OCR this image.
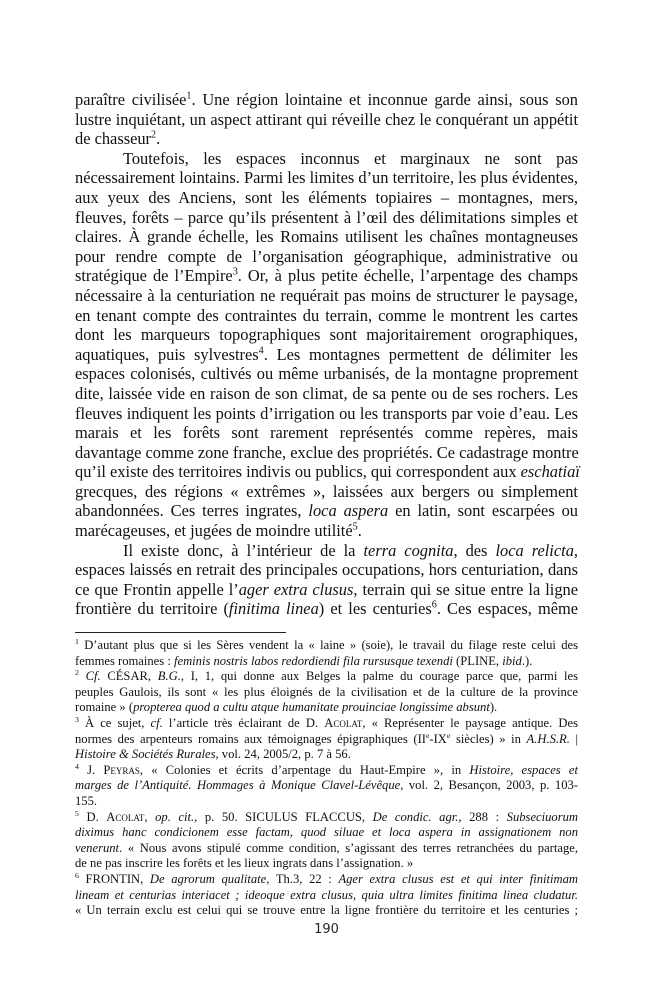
paraître civilisée$^1$. Une région lointaine et inconnue garde ainsi, sous son
lustre inquiétant, un aspect attirant qui réveille chez le conquérant un appétit
de chasseur$^2$.
Toutefois, les espaces inconnus et marginaux ne sont pas
nécessairement lointains. Parmi les limites d’un territoire, les plus évidentes,
aux yeux des Anciens, sont les éléments topiaires – montagnes, mers,
fleuves, forêts – parce qu’ils présentent à l’œil des délimitations simples et
claires. À grande échelle, les Romains utilisent les chaînes montagneuses
pour rendre compte de l’organisation géographique, administrative ou
stratégique de l’Empire$^3$. Or, à plus petite échelle, l’arpentage des champs
nécessaire à la centuriation ne requérait pas moins de structurer le paysage,
en tenant compte des contraintes du terrain, comme le montrent les cartes
dont les marqueurs topographiques sont majoritairement orographiques,
aquatiques, puis sylvestres$^4$. Les montagnes permettent de délimiter les
espaces colonisés, cultivés ou même urbanisés, de la montagne proprement
dite, laissée vide en raison de son climat, de sa pente ou de ses rochers. Les
fleuves indiquent les points d’irrigation ou les transports par voie d’eau. Les
marais et les forêts sont rarement représentés comme repères, mais
davantage comme zone franche, exclue des propriétés. Ce cadastrage montre
qu’il existe des territoires indivis ou publics, qui correspondent aux eschatiaï
grecques, des régions « extrêmes », laissées aux bergers ou simplement
abandonnées. Ces terres ingrates, loca aspera en latin, sont escarpées ou
marécageuses, et jugées de moindre utilité$^5$.
Il existe donc, à l’intérieur de la terra cognita, des loca relicta,
espaces laissés en retrait des principales occupations, hors centuriation, dans
ce que Frontin appelle l’ager extra clusus, terrain qui se situe entre la ligne
frontière du territoire (finitima linea) et les centuries$^6$. Ces espaces, même
$^1$ D’autant plus que si les Sères vendent la « laine » (soie), le travail du filage reste celui des
femmes romaines : feminis nostris labos redordiendi fila rursusque texendi (PLINE, ibid.).
$^2$ Cf. CÉSAR, B.G., I, 1, qui donne aux Belges la palme du courage parce que, parmi les
peuples Gaulois, ils sont « les plus éloignés de la civilisation et de la culture de la province
romaine » (propterea quod a cultu atque humanitate prouinciae longissime absunt).
$^3$ À ce sujet, cf. l’article très éclairant de D. Acolat, « Représenter le paysage antique. Des
normes des arpenteurs romains aux témoignages épigraphiques (IIe-IXe siècles) » in A.H.S.R. |
Histoire & Sociétés Rurales, vol. 24, 2005/2, p. 7 à 56.
$^4$ J. Peyras, « Colonies et écrits d’arpentage du Haut-Empire », in Histoire, espaces et
marges de l’Antiquité. Hommages à Monique Clavel-Lévêque, vol. 2, Besançon, 2003, p. 103-
155.
$^5$ D. Acolat, op. cit., p. 50. SICULUS FLACCUS, De condic. agr., 288 : Subseciuorum
diximus hanc condicionem esse factam, quod siluae et loca aspera in assignationem non
venerunt. « Nous avons stipulé comme condition, s’agissant des terres retranchées du partage,
de ne pas inscrire les forêts et les lieux ingrats dans l’assignation. »
$^6$ FRONTIN, De agrorum qualitate, Th.3, 22 : Ager extra clusus est et qui inter finitimam
lineam et centurias interiacet ; ideoque extra clusus, quia ultra limites finitima linea cludatur.
« Un terrain exclu est celui qui se trouve entre la ligne frontière du territoire et les centuries ;
190
